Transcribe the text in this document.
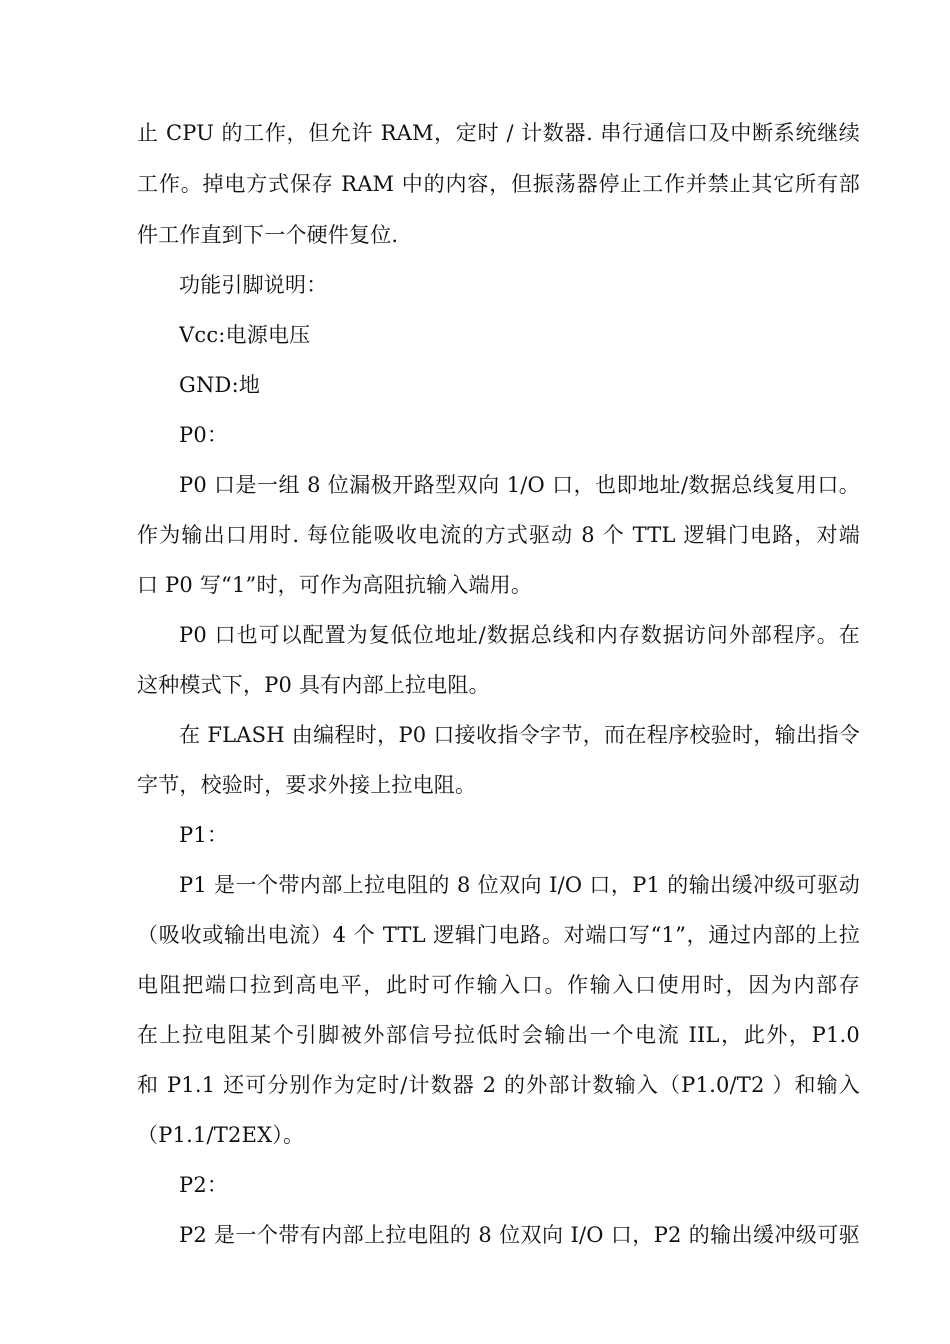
止 CPU 的工作，但允许 RAM，定时 / 计数器. 串行通信口及中断系统继续
工作。掉电方式保存 RAM 中的内容，但振荡器停止工作并禁止其它所有部
件工作直到下一个硬件复位.
功能引脚说明：
Vcc:电源电压
GND:地
P0：
P0 口是一组 8 位漏极开路型双向 1/O 口，也即地址/数据总线复用口。
作为输出口用时. 每位能吸收电流的方式驱动 8 个 TTL 逻辑门电路，对端
口 P0 写“1”时，可作为高阻抗输入端用。
P0 口也可以配置为复低位地址/数据总线和内存数据访问外部程序。在
这种模式下，P0 具有内部上拉电阻。
在 FLASH 由编程时，P0 口接收指令字节，而在程序校验时，输出指令
字节，校验时，要求外接上拉电阻。
P1：
P1 是一个带内部上拉电阻的 8 位双向 I/O 口，P1 的输出缓冲级可驱动
（吸收或输出电流）4 个 TTL 逻辑门电路。对端口写“1”，通过内部的上拉
电阻把端口拉到高电平，此时可作输入口。作输入口使用时，因为内部存
在上拉电阻某个引脚被外部信号拉低时会输出一个电流 IIL，此外，P1.0
和 P1.1 还可分别作为定时/计数器 2 的外部计数输入（P1.0/T2 ）和输入
（P1.1/T2EX）。
P2：
P2 是一个带有内部上拉电阻的 8 位双向 I/O 口，P2 的输出缓冲级可驱
